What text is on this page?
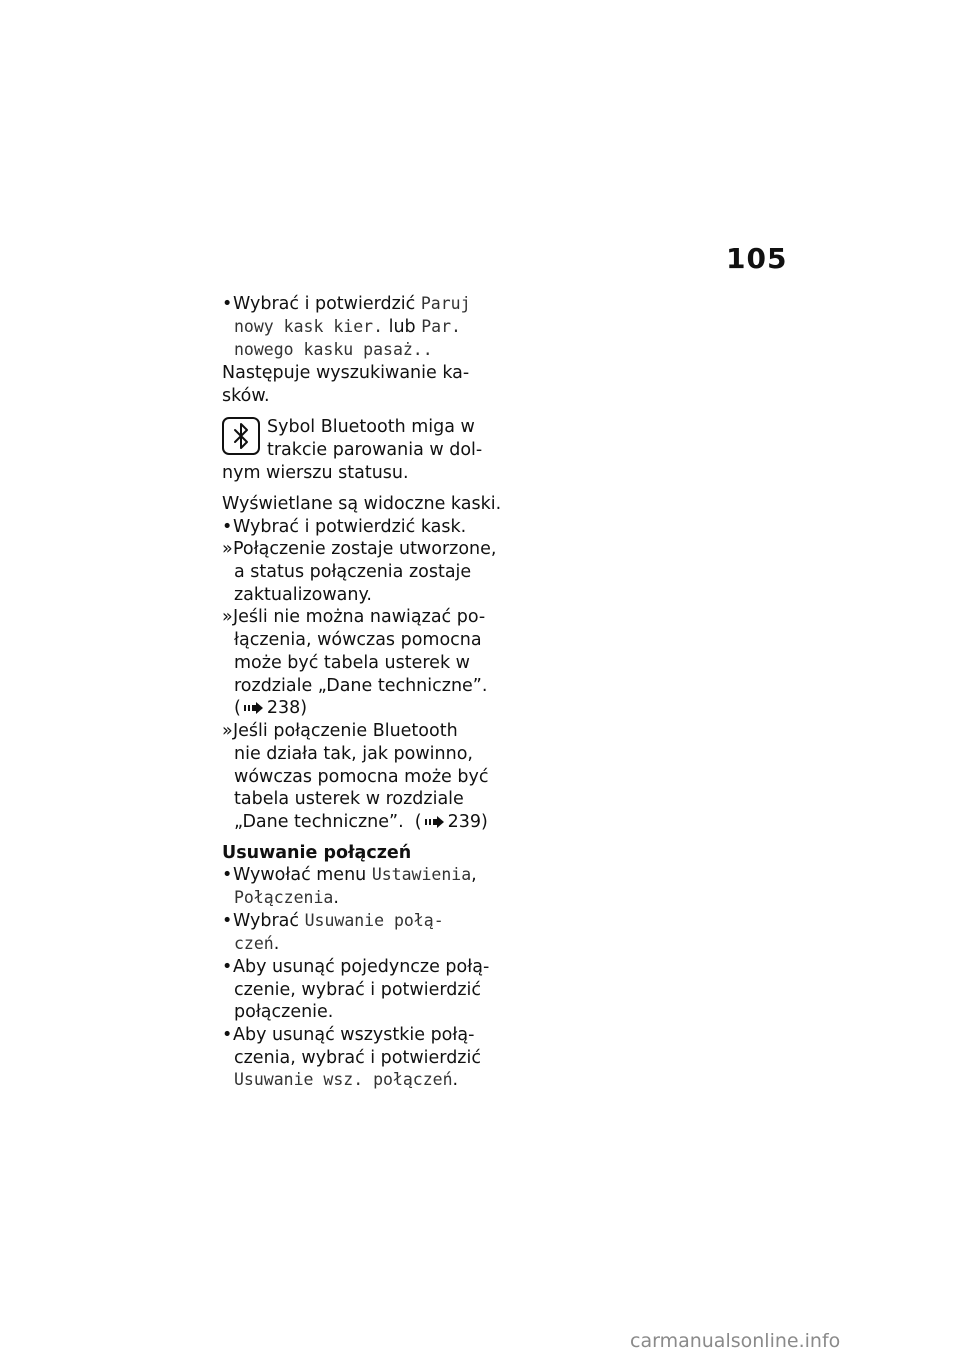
105
•Wybrać i potwierdzić Paruj
nowy kask kier. lub Par.
nowego kasku pasaż..
Następuje wyszukiwanie ka-
sków.
Sybol Bluetooth miga w
trakcie parowania w dol-
nym wierszu statusu.
Wyświetlane są widoczne kaski.
•Wybrać i potwierdzić kask.
»Połączenie zostaje utworzone,
a status połączenia zostaje
zaktualizowany.
»Jeśli nie można nawiązać po-
łączenia, wówczas pomocna
może być tabela usterek w
rozdziale „Dane techniczne”.
( 238)
»Jeśli połączenie Bluetooth
nie działa tak, jak powinno,
wówczas pomocna może być
tabela usterek w rozdziale
„Dane techniczne”. ( 239)
Usuwanie połączeń
•Wywołać menu Ustawienia,
Połączenia.
•Wybrać Usuwanie połą-
czeń.
•Aby usunąć pojedyncze połą-
czenie, wybrać i potwierdzić
połączenie.
•Aby usunąć wszystkie połą-
czenia, wybrać i potwierdzić
Usuwanie wsz. połączeń.
carmanualsonline.info
